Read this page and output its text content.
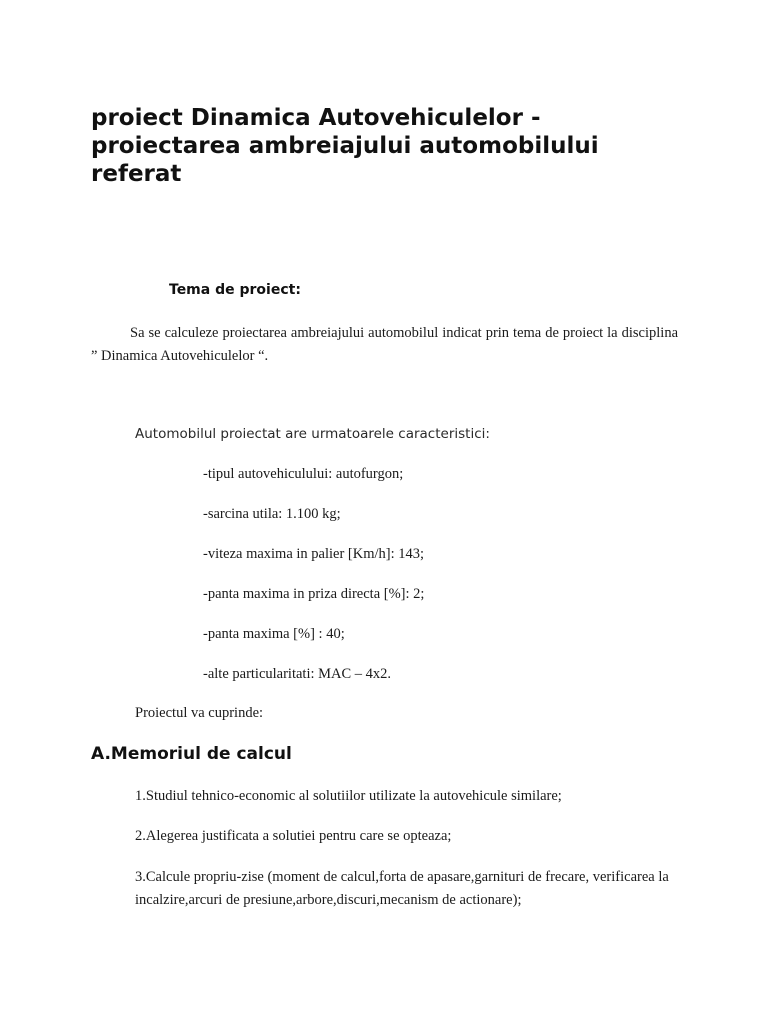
proiect Dinamica Autovehiculelor -
proiectarea ambreiajului automobilului
referat
Tema de proiect:
Sa se calculeze proiectarea ambreiajului automobilul indicat prin tema de proiect la disciplina ” Dinamica Autovehiculelor “.
Automobilul proiectat are urmatoarele caracteristici:
-tipul autovehiculului: autofurgon;
-sarcina utila: 1.100 kg;
-viteza maxima in palier [Km/h]: 143;
-panta maxima in priza directa [%]: 2;
-panta maxima [%] : 40;
-alte particularitati: MAC – 4x2.
Proiectul va cuprinde:
A.Memoriul de calcul
1.Studiul tehnico-economic al solutiilor utilizate la autovehicule similare;
2.Alegerea justificata a solutiei pentru care se opteaza;
3.Calcule propriu-zise (moment de calcul,forta de apasare,garnituri de frecare, verificarea la incalzire,arcuri de presiune,arbore,discuri,mecanism de actionare);
